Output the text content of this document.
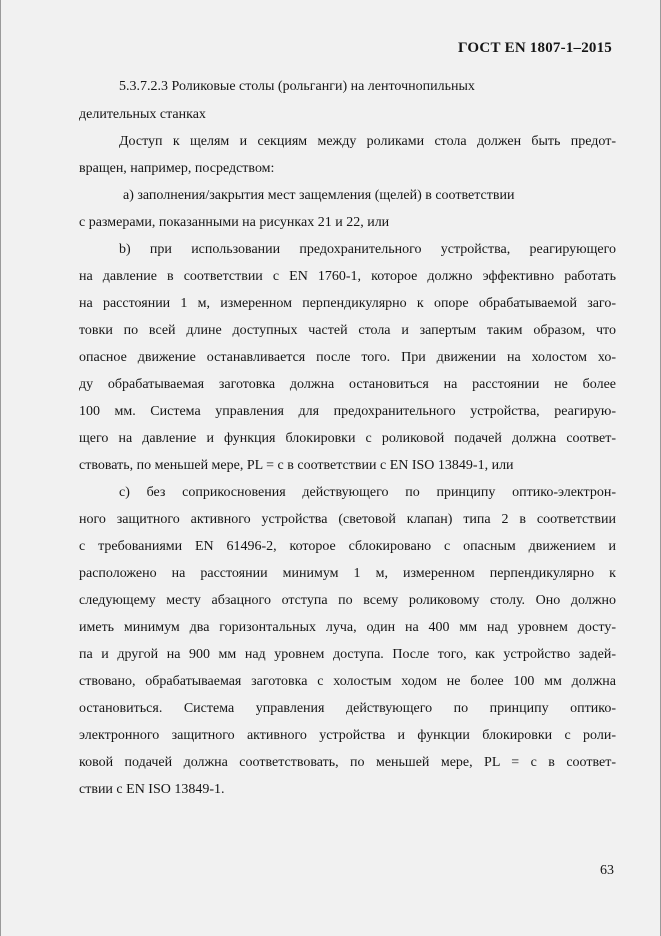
ГОСТ EN 1807-1–2015
5.3.7.2.3 Роликовые столы (рольганги) на ленточнопильных
делительных станках
Доступ к щелям и секциям между роликами стола должен быть предот-
вращен, например, посредством:
a) заполнения/закрытия мест защемления (щелей) в соответствии
с размерами, показанными на рисунках 21 и 22, или
b) при использовании предохранительного устройства, реагирующего
на давление в соответствии с EN 1760-1, которое должно эффективно работать
на расстоянии 1 м, измеренном перпендикулярно к опоре обрабатываемой заго-
товки по всей длине доступных частей стола и запертым таким образом, что
опасное движение останавливается после того. При движении на холостом хо-
ду обрабатываемая заготовка должна остановиться на расстоянии не более
100 мм. Система управления для предохранительного устройства, реагирую-
щего на давление и функция блокировки с роликовой подачей должна соответ-
ствовать, по меньшей мере, PL = c в соответствии с EN ISO 13849-1, или
c) без соприкосновения действующего по принципу оптико-электрон-
ного защитного активного устройства (световой клапан) типа 2 в соответствии
с требованиями EN 61496-2, которое сблокировано с опасным движением и
расположено на расстоянии минимум 1 м, измеренном перпендикулярно к
следующему месту абзацного отступа по всему роликовому столу. Оно должно
иметь минимум два горизонтальных луча, один на 400 мм над уровнем досту-
па и другой на 900 мм над уровнем доступа. После того, как устройство задей-
ствовано, обрабатываемая заготовка с холостым ходом не более 100 мм должна
остановиться. Система управления действующего по принципу оптико-
электронного защитного активного устройства и функции блокировки с роли-
ковой подачей должна соответствовать, по меньшей мере, PL = c в соответ-
ствии с EN ISO 13849-1.
63
